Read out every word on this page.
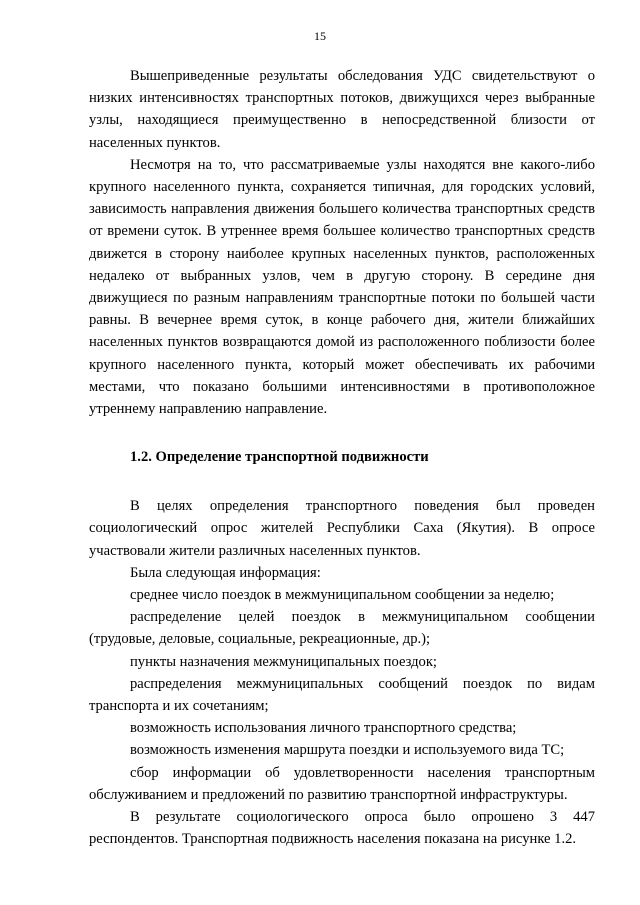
15

Вышеприведенные результаты обследования УДС свидетельствуют о низких интенсивностях транспортных потоков, движущихся через выбранные узлы, находящиеся преимущественно в непосредственной близости от населенных пунктов.

Несмотря на то, что рассматриваемые узлы находятся вне какого-либо крупного населенного пункта, сохраняется типичная, для городских условий, зависимость направления движения большего количества транспортных средств от времени суток. В утреннее время большее количество транспортных средств движется в сторону наиболее крупных населенных пунктов, расположенных недалеко от выбранных узлов, чем в другую сторону. В середине дня движущиеся по разным направлениям транспортные потоки по большей части равны. В вечернее время суток, в конце рабочего дня, жители ближайших населенных пунктов возвращаются домой из расположенного поблизости более крупного населенного пункта, который может обеспечивать их рабочими местами, что показано большими интенсивностями в противоположное утреннему направлению направление.

1.2. Определение транспортной подвижности

В целях определения транспортного поведения был проведен социологический опрос жителей Республики Саха (Якутия). В опросе участвовали жители различных населенных пунктов.

Была следующая информация:

среднее число поездок в межмуниципальном сообщении за неделю;

распределение целей поездок в межмуниципальном сообщении (трудовые, деловые, социальные, рекреационные, др.);

пункты назначения межмуниципальных поездок;

распределения межмуниципальных сообщений поездок по видам транспорта и их сочетаниям;

возможность использования личного транспортного средства;

возможность изменения маршрута поездки и используемого вида ТС;

сбор информации об удовлетворенности населения транспортным обслуживанием и предложений по развитию транспортной инфраструктуры.

В результате социологического опроса было опрошено 3 447 респондентов. Транспортная подвижность населения показана на рисунке 1.2.
